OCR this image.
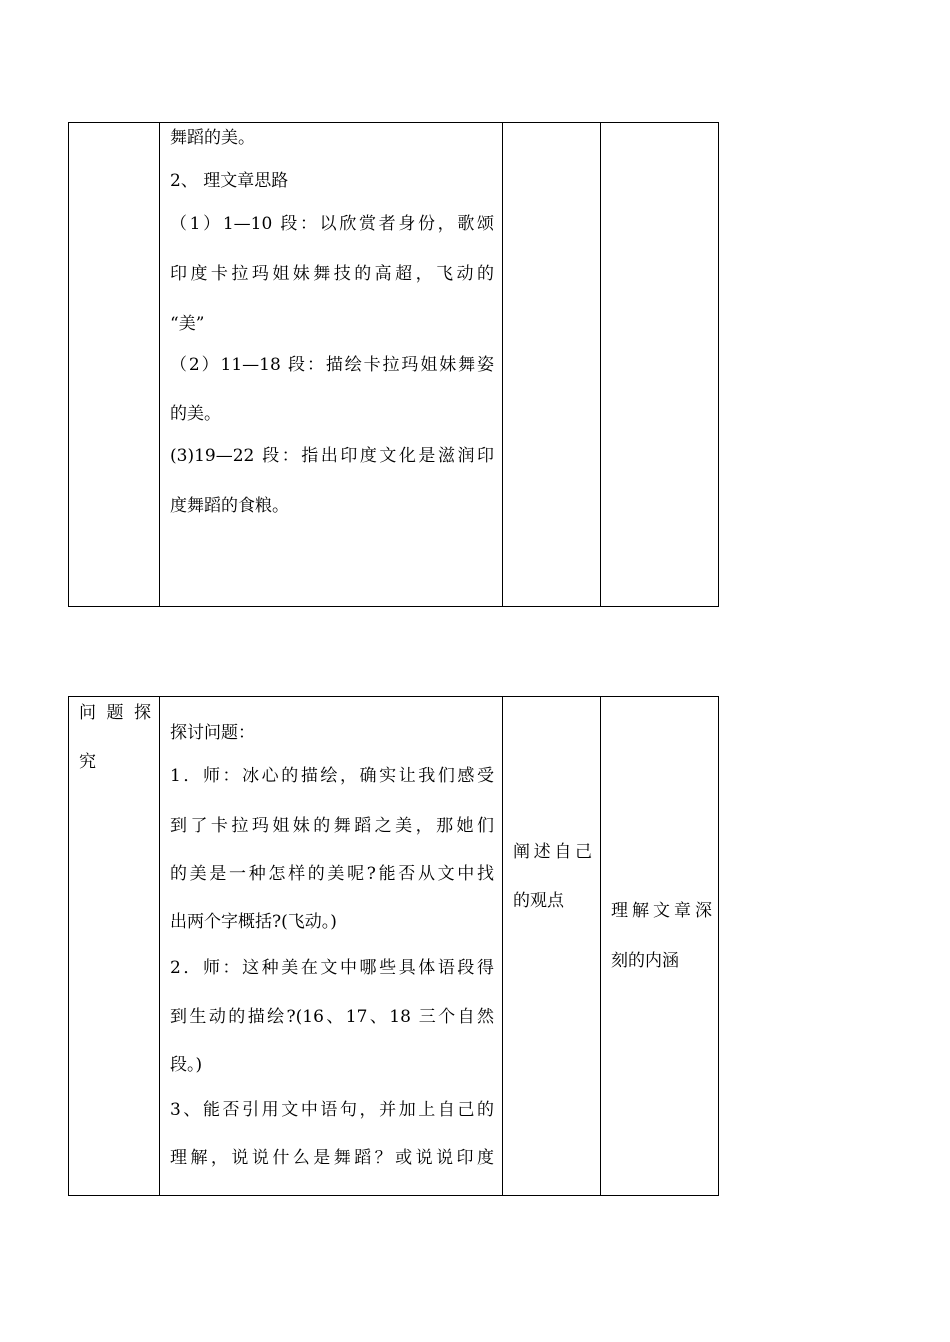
舞蹈的美。
2、 理文章思路
（1）1—10 段：以欣赏者身份，歌颂
印度卡拉玛姐妹舞技的高超，飞动的
“美”
（2）11—18 段：描绘卡拉玛姐妹舞姿
的美。
(3)19—22 段：指出印度文化是滋润印
度舞蹈的食粮。
问 题 探
究
探讨问题：
1．师：冰心的描绘，确实让我们感受
到了卡拉玛姐妹的舞蹈之美，那她们
的美是一种怎样的美呢?能否从文中找
出两个字概括?(飞动。)
2．师：这种美在文中哪些具体语段得
到生动的描绘?(16、17、18 三个自然
段。)
3、能否引用文中语句，并加上自己的
理解，说说什么是舞蹈？或说说印度
阐述自己
的观点	理解文章深
刻的内涵
